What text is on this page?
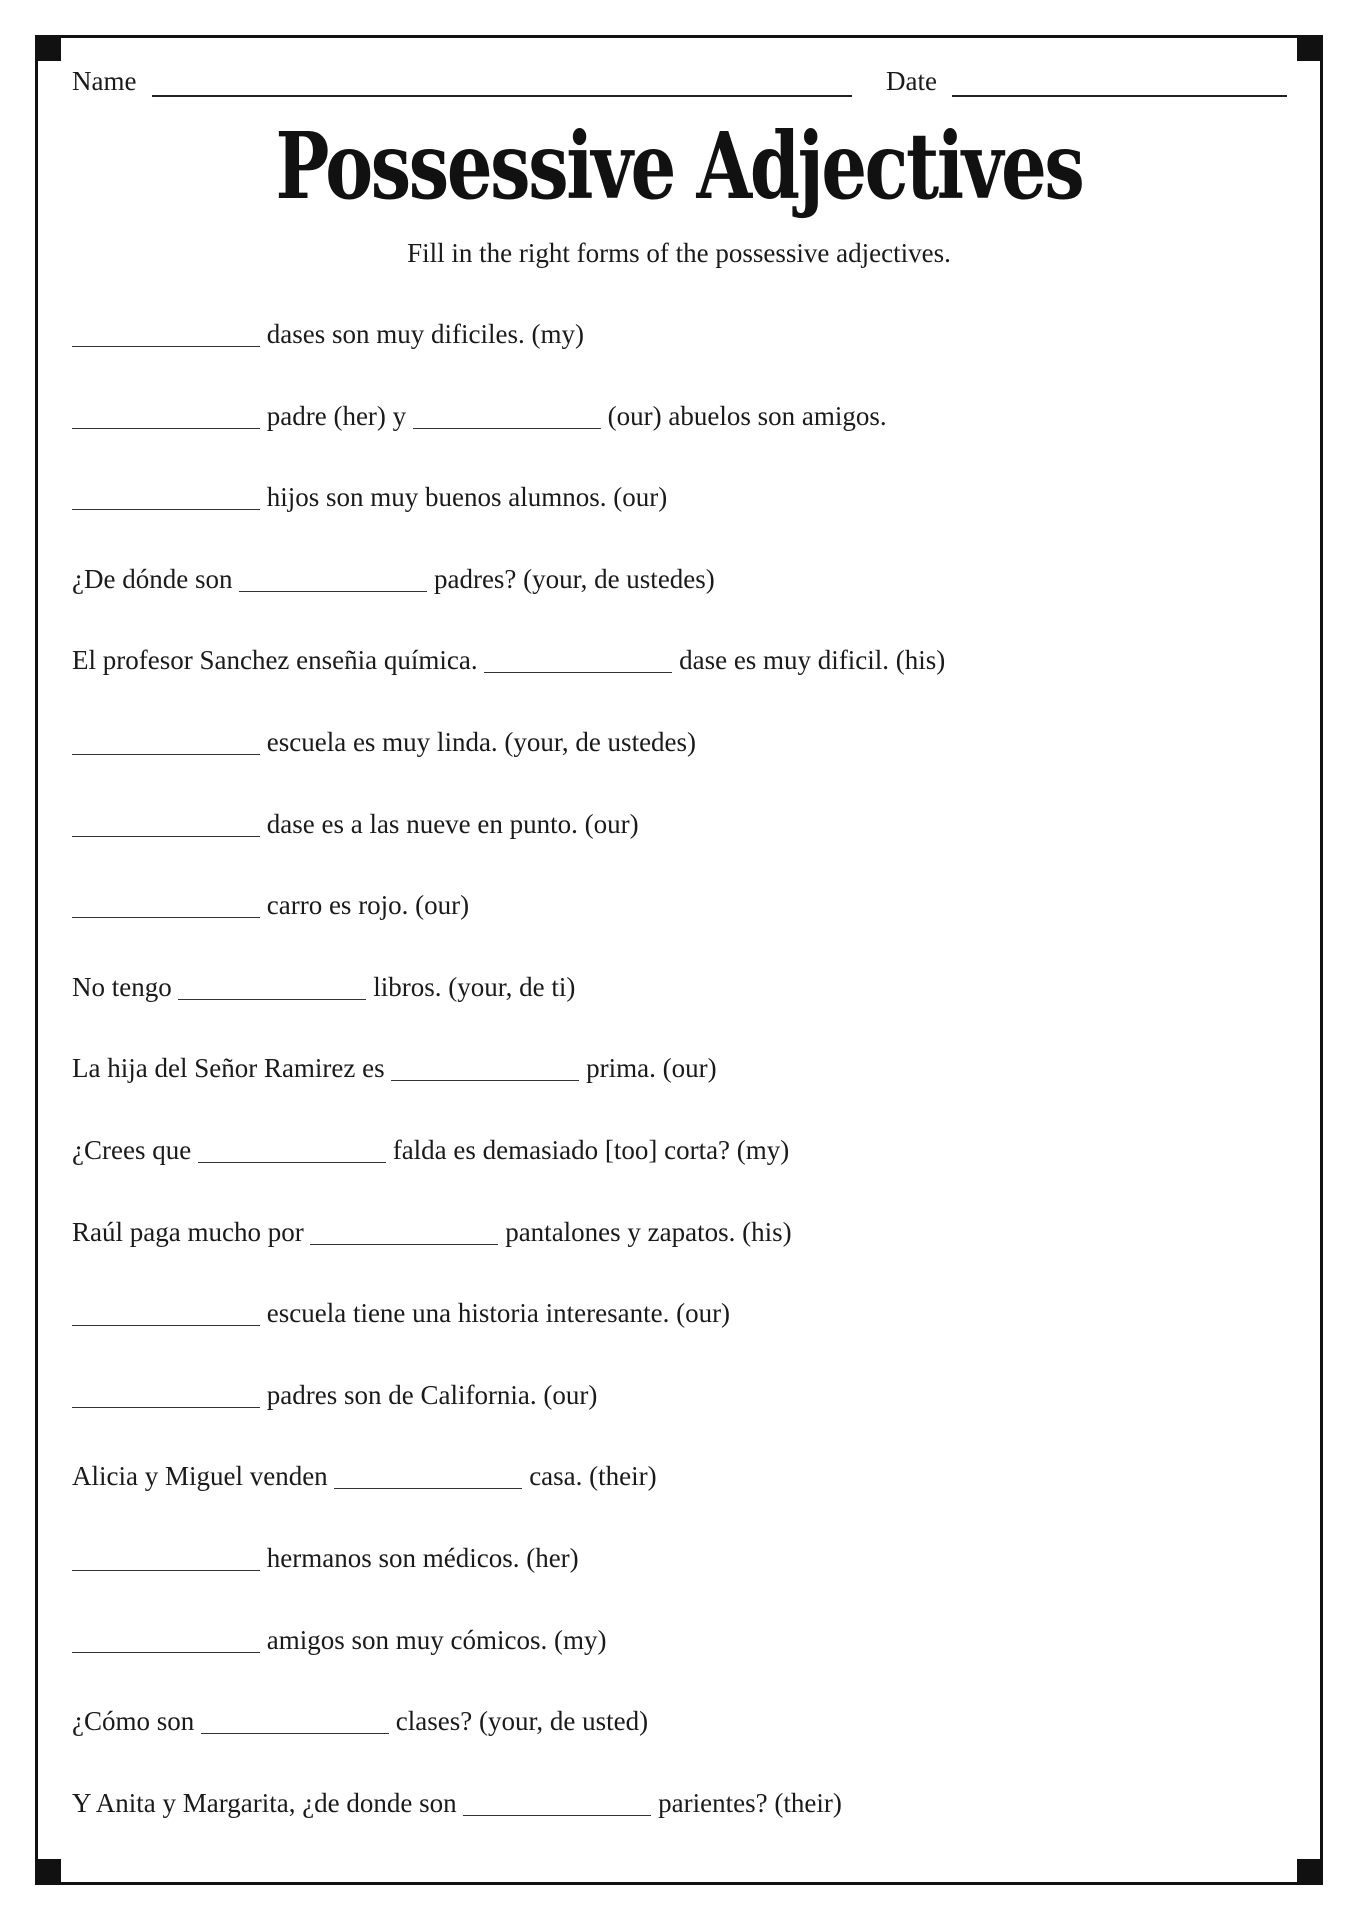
Name	Date
Possessive Adjectives
Fill in the right forms of the possessive adjectives.
dases son muy dificiles. (my)
padre (her) y	(our) abuelos son amigos.
hijos son muy buenos alumnos. (our)
¿De dónde son	padres? (your, de ustedes)
El profesor Sanchez enseñia química.	dase es muy dificil. (his)
escuela es muy linda. (your, de ustedes)
dase es a las nueve en punto. (our)
carro es rojo. (our)
No tengo	libros. (your, de ti)
La hija del Señor Ramirez es	prima. (our)
¿Crees que	falda es demasiado [too] corta? (my)
Raúl paga mucho por	pantalones y zapatos. (his)
escuela tiene una historia interesante. (our)
padres son de California. (our)
Alicia y Miguel venden	casa. (their)
hermanos son médicos. (her)
amigos son muy cómicos. (my)
¿Cómo son	clases? (your, de usted)
Y Anita y Margarita, ¿de donde son	parientes? (their)
